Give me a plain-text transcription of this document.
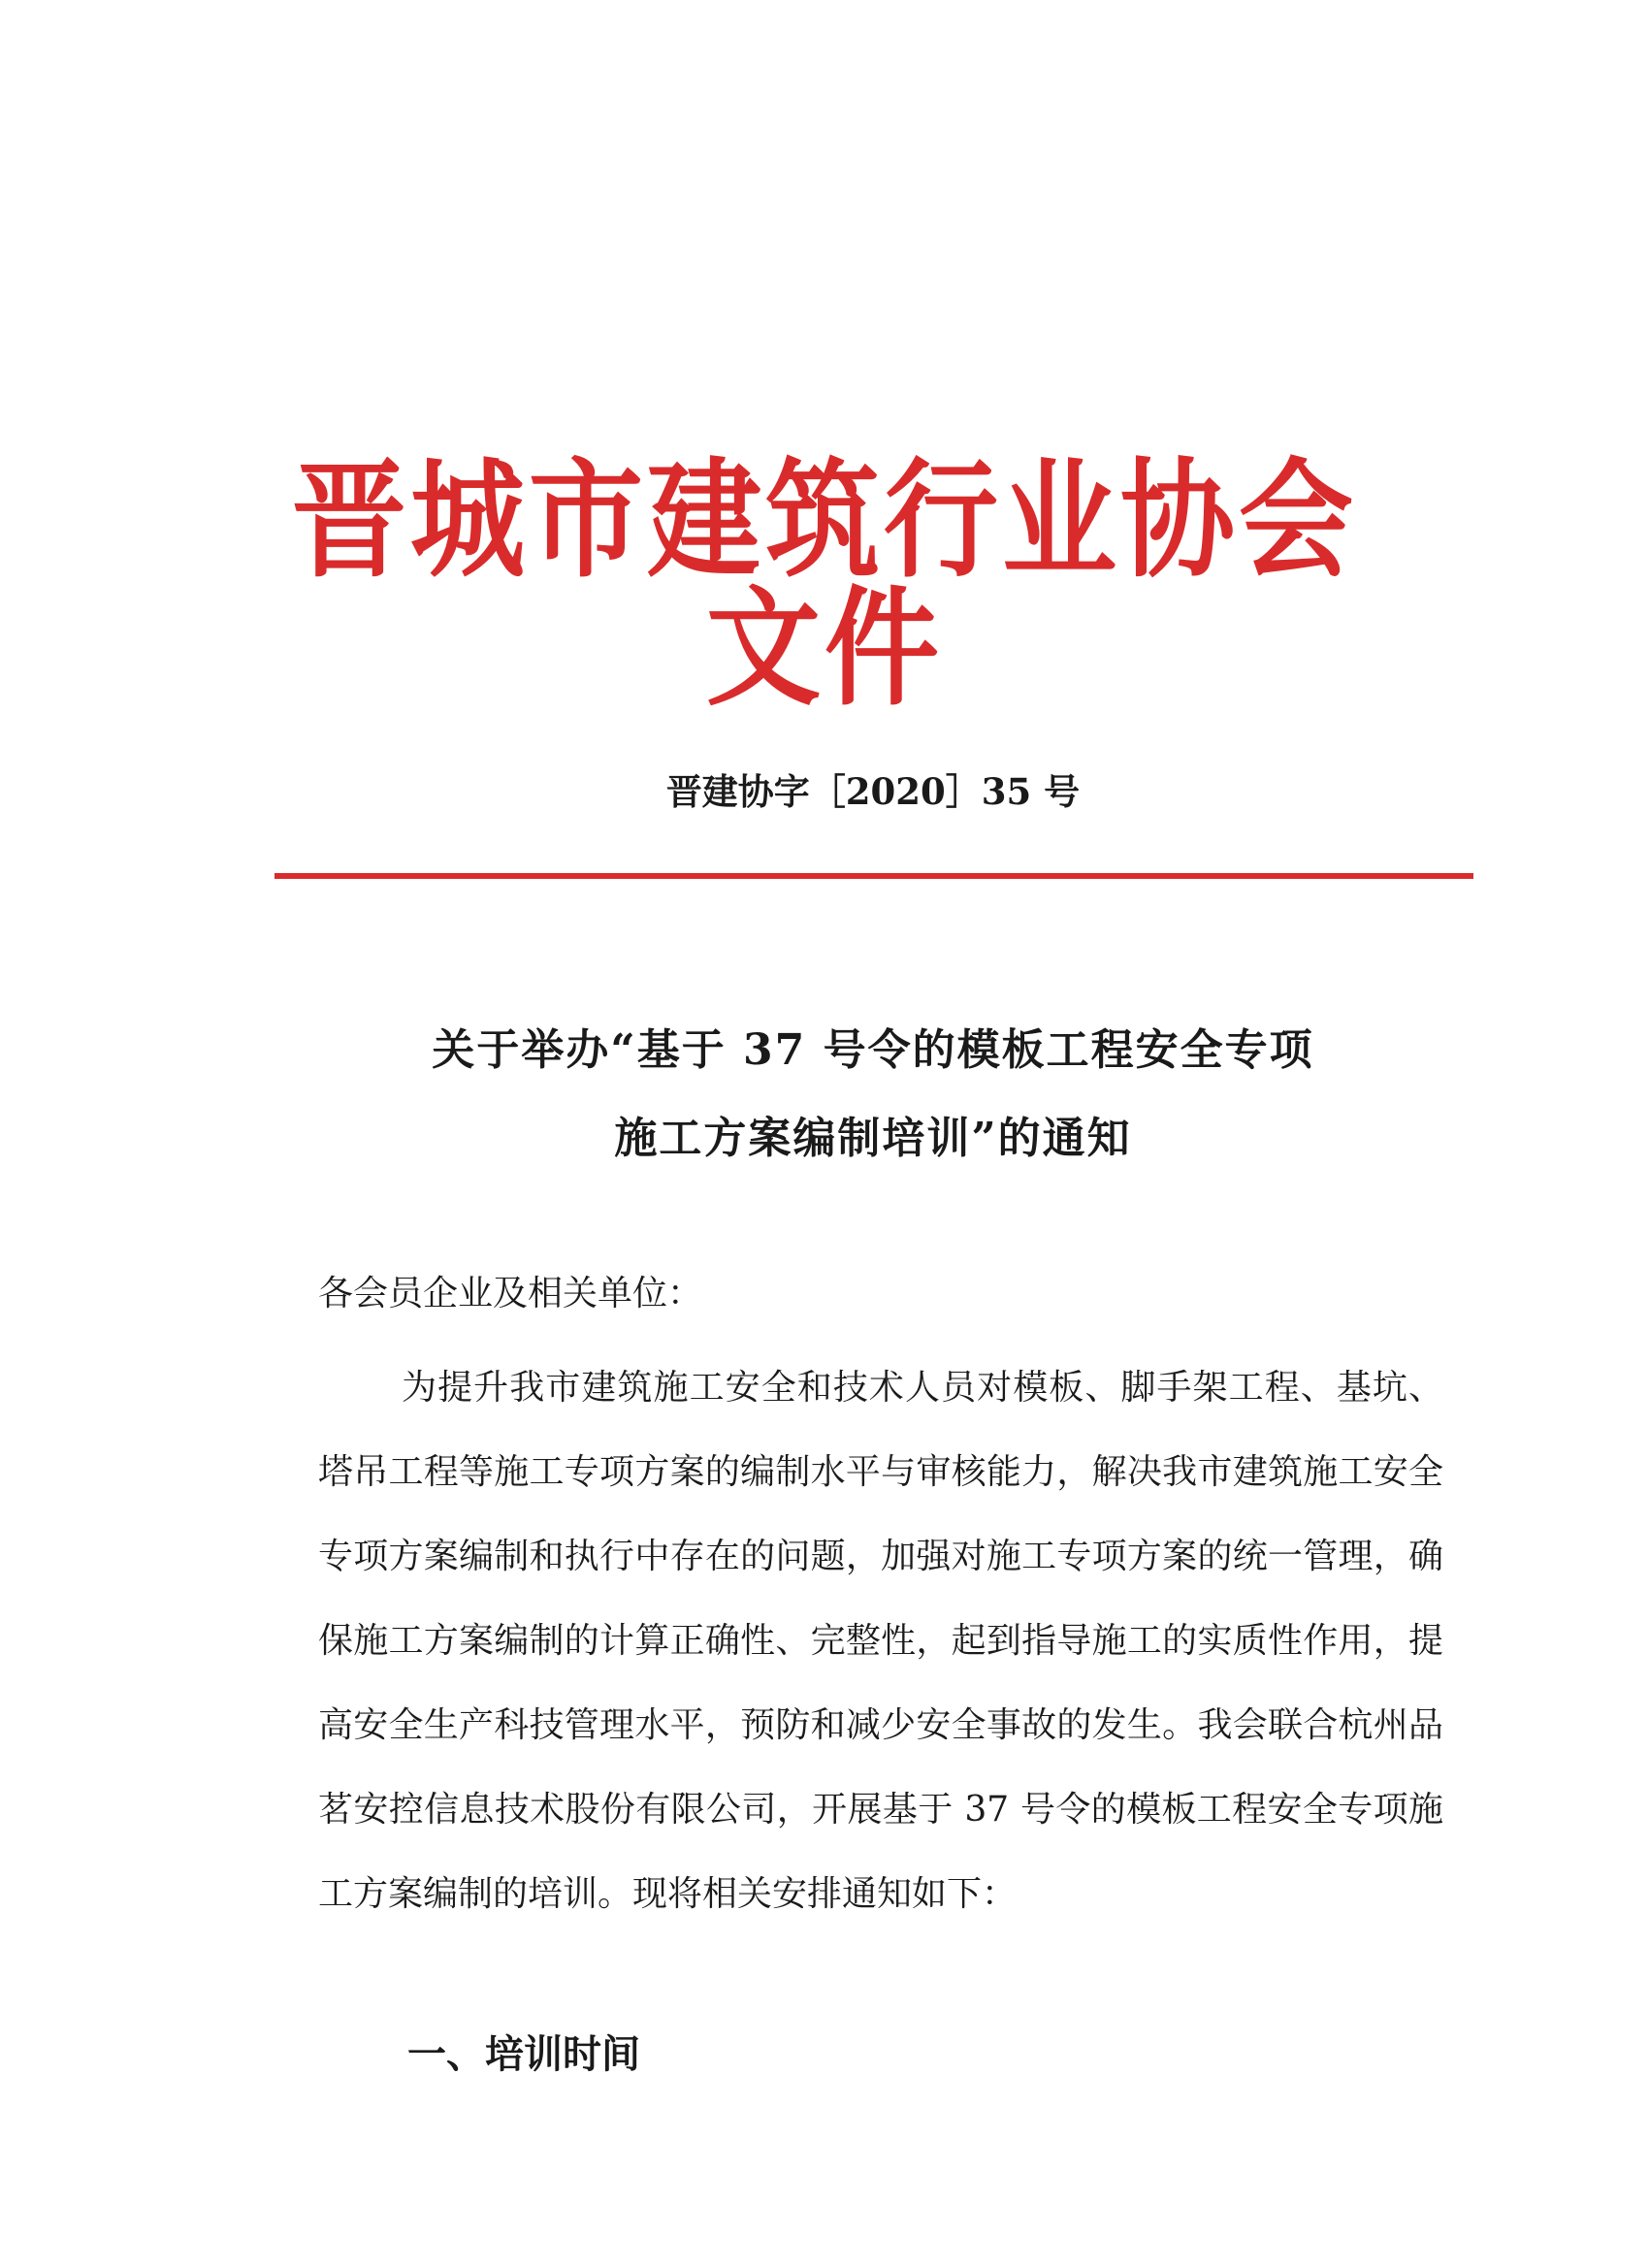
晋城市建筑行业协会文件
晋建协字［2020］35 号
关于举办“基于 37 号令的模板工程安全专项
施工方案编制培训”的通知
各会员企业及相关单位：

为提升我市建筑施工安全和技术人员对模板、脚手架工程、基坑、塔吊工程等施工专项方案的编制水平与审核能力，解决我市建筑施工安全专项方案编制和执行中存在的问题，加强对施工专项方案的统一管理，确保施工方案编制的计算正确性、完整性，起到指导施工的实质性作用，提高安全生产科技管理水平，预防和减少安全事故的发生。我会联合杭州品茗安控信息技术股份有限公司，开展基于 37 号令的模板工程安全专项施工方案编制的培训。现将相关安排通知如下：

一、培训时间
